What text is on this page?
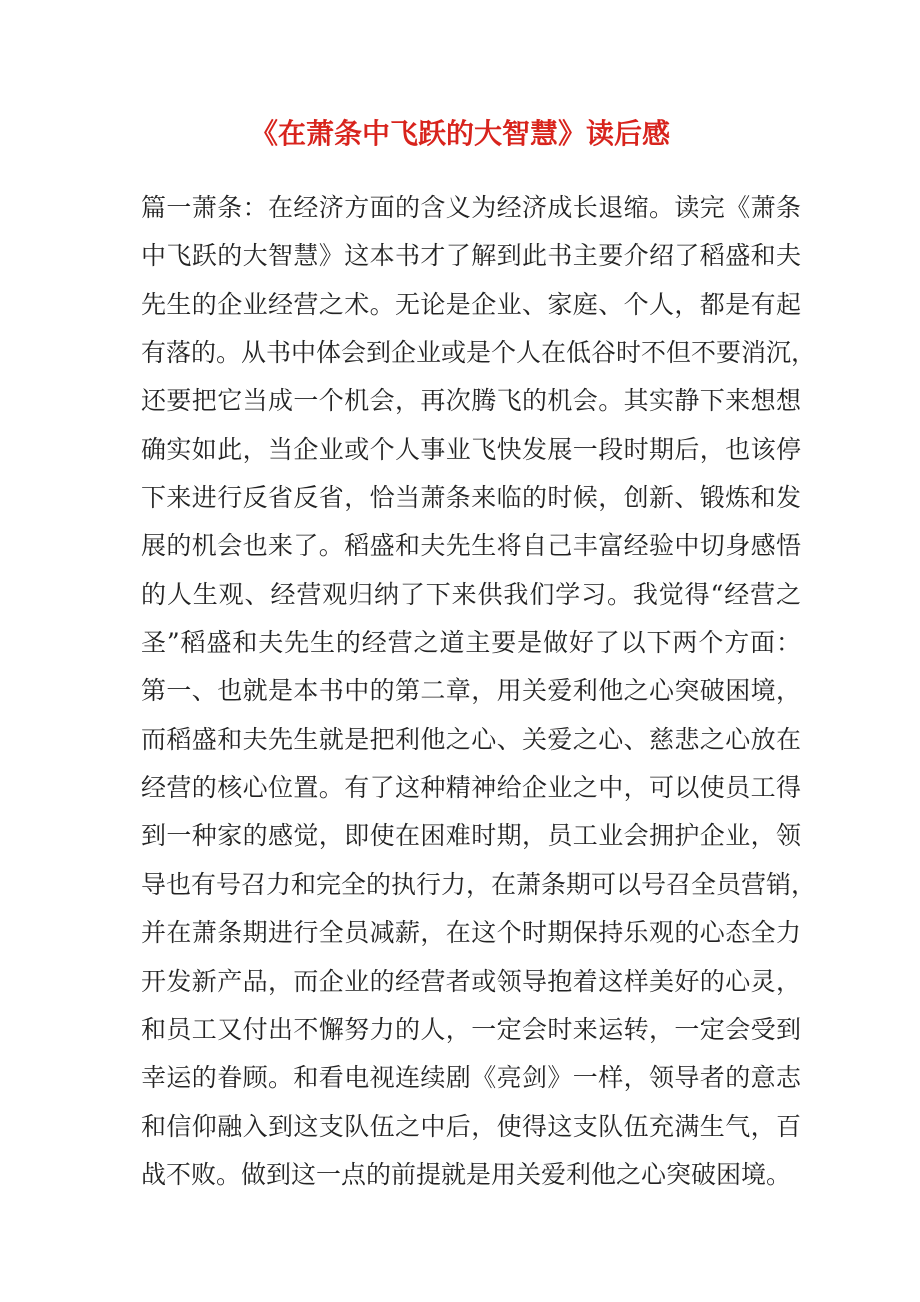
《在萧条中飞跃的大智慧》读后感
篇一萧条：在经济方面的含义为经济成长退缩。读完《萧条
中飞跃的大智慧》这本书才了解到此书主要介绍了稻盛和夫
先生的企业经营之术。无论是企业、家庭、个人，都是有起
有落的。从书中体会到企业或是个人在低谷时不但不要消沉，
还要把它当成一个机会，再次腾飞的机会。其实静下来想想
确实如此，当企业或个人事业飞快发展一段时期后，也该停
下来进行反省反省，恰当萧条来临的时候，创新、锻炼和发
展的机会也来了。稻盛和夫先生将自己丰富经验中切身感悟
的人生观、经营观归纳了下来供我们学习。我觉得“经营之
圣”稻盛和夫先生的经营之道主要是做好了以下两个方面：
第一、也就是本书中的第二章，用关爱利他之心突破困境，
而稻盛和夫先生就是把利他之心、关爱之心、慈悲之心放在
经营的核心位置。有了这种精神给企业之中，可以使员工得
到一种家的感觉，即使在困难时期，员工业会拥护企业，领
导也有号召力和完全的执行力，在萧条期可以号召全员营销，
并在萧条期进行全员减薪，在这个时期保持乐观的心态全力
开发新产品，而企业的经营者或领导抱着这样美好的心灵，
和员工又付出不懈努力的人，一定会时来运转，一定会受到
幸运的眷顾。和看电视连续剧《亮剑》一样，领导者的意志
和信仰融入到这支队伍之中后，使得这支队伍充满生气，百
战不败。做到这一点的前提就是用关爱利他之心突破困境。
